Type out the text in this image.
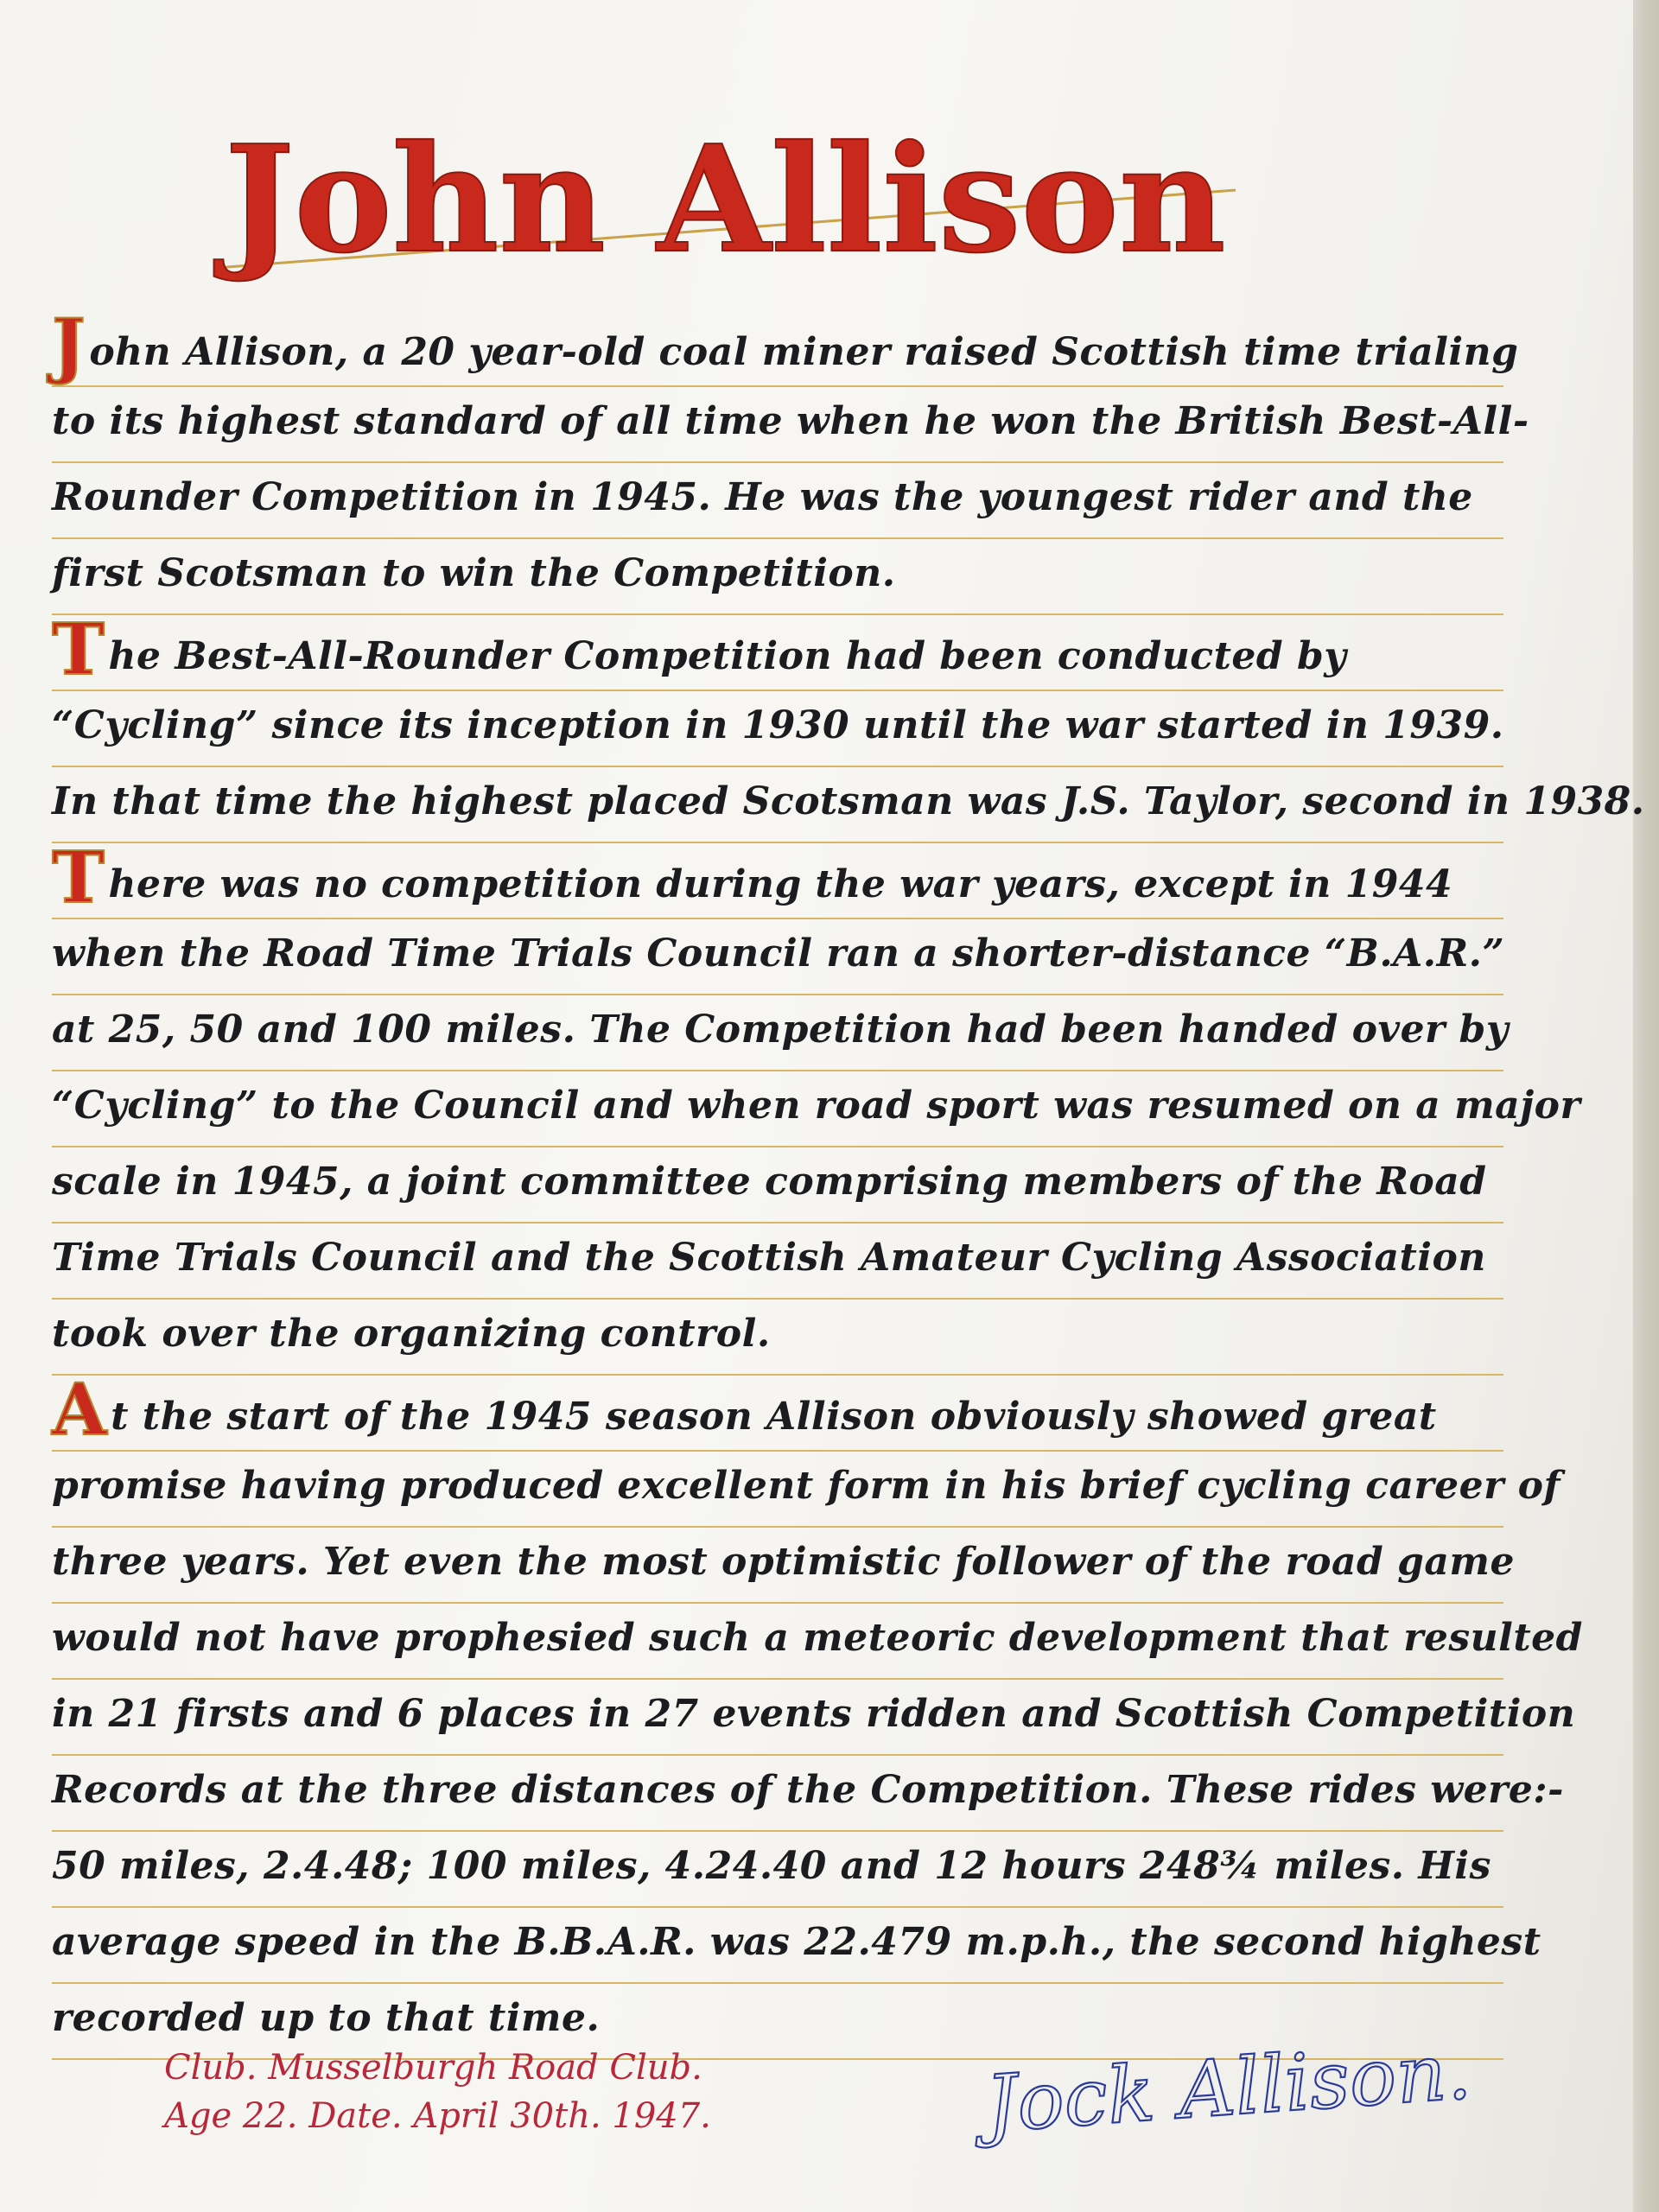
John Allison
John Allison, a 20 year-old coal miner raised Scottish time trialing
to its highest standard of all time when he won the British Best-All-
Rounder Competition in 1945. He was the youngest rider and the
first Scotsman to win the Competition.
The Best-All-Rounder Competition had been conducted by
“Cycling” since its inception in 1930 until the war started in 1939.
In that time the highest placed Scotsman was J.S. Taylor, second in 1938.
There was no competition during the war years, except in 1944
when the Road Time Trials Council ran a shorter-distance “B.A.R.”
at 25, 50 and 100 miles. The Competition had been handed over by
“Cycling” to the Council and when road sport was resumed on a major
scale in 1945, a joint committee comprising members of the Road
Time Trials Council and the Scottish Amateur Cycling Association
took over the organizing control.
At the start of the 1945 season Allison obviously showed great
promise having produced excellent form in his brief cycling career of
three years. Yet even the most optimistic follower of the road game
would not have prophesied such a meteoric development that resulted
in 21 firsts and 6 places in 27 events ridden and Scottish Competition
Records at the three distances of the Competition. These rides were:-
50 miles, 2.4.48; 100 miles, 4.24.40 and 12 hours 248¾ miles. His
average speed in the B.B.A.R. was 22.479 m.p.h., the second highest
recorded up to that time.
Club. Musselburgh Road Club.
Age 22. Date. April 30th. 1947.	Jock Allison.
